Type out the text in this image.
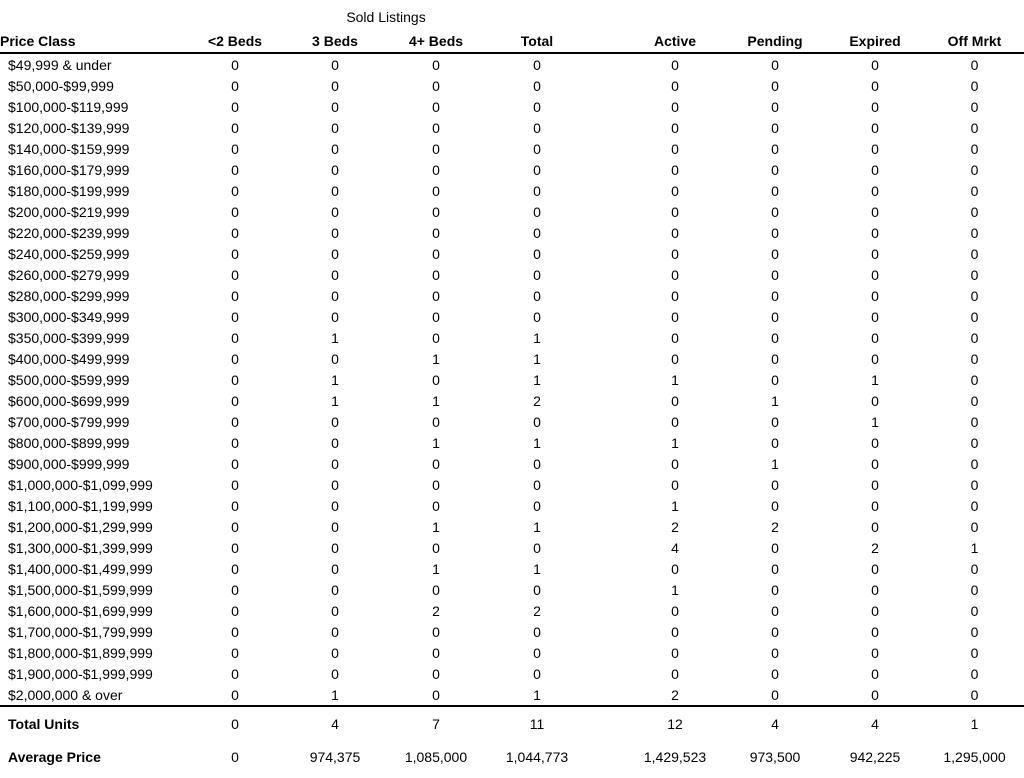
	Sold Listings								
Price Class	<2 Beds	3 Beds	4+ Beds	Total		Active	Pending	Expired	Off Mrkt
$49,999 & under	0	0	0	0		0	0	0	0
$50,000-$99,999	0	0	0	0		0	0	0	0
$100,000-$119,999	0	0	0	0		0	0	0	0
$120,000-$139,999	0	0	0	0		0	0	0	0
$140,000-$159,999	0	0	0	0		0	0	0	0
$160,000-$179,999	0	0	0	0		0	0	0	0
$180,000-$199,999	0	0	0	0		0	0	0	0
$200,000-$219,999	0	0	0	0		0	0	0	0
$220,000-$239,999	0	0	0	0		0	0	0	0
$240,000-$259,999	0	0	0	0		0	0	0	0
$260,000-$279,999	0	0	0	0		0	0	0	0
$280,000-$299,999	0	0	0	0		0	0	0	0
$300,000-$349,999	0	0	0	0		0	0	0	0
$350,000-$399,999	0	1	0	1		0	0	0	0
$400,000-$499,999	0	0	1	1		0	0	0	0
$500,000-$599,999	0	1	0	1		1	0	1	0
$600,000-$699,999	0	1	1	2		0	1	0	0
$700,000-$799,999	0	0	0	0		0	0	1	0
$800,000-$899,999	0	0	1	1		1	0	0	0
$900,000-$999,999	0	0	0	0		0	1	0	0
$1,000,000-$1,099,999	0	0	0	0		0	0	0	0
$1,100,000-$1,199,999	0	0	0	0		1	0	0	0
$1,200,000-$1,299,999	0	0	1	1		2	2	0	0
$1,300,000-$1,399,999	0	0	0	0		4	0	2	1
$1,400,000-$1,499,999	0	0	1	1		0	0	0	0
$1,500,000-$1,599,999	0	0	0	0		1	0	0	0
$1,600,000-$1,699,999	0	0	2	2		0	0	0	0
$1,700,000-$1,799,999	0	0	0	0		0	0	0	0
$1,800,000-$1,899,999	0	0	0	0		0	0	0	0
$1,900,000-$1,999,999	0	0	0	0		0	0	0	0
$2,000,000 & over	0	1	0	1		2	0	0	0
Total Units	0	4	7	11		12	4	4	1
Average Price	0	974,375	1,085,000	1,044,773		1,429,523	973,500	942,225	1,295,000
